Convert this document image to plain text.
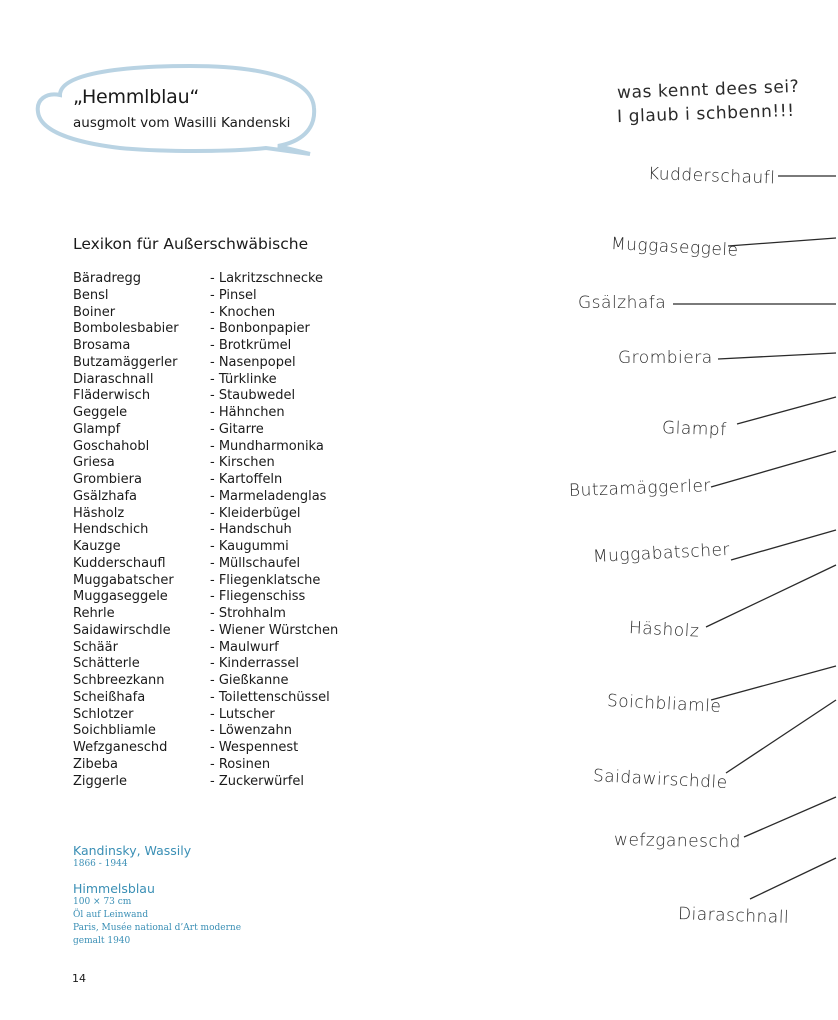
„Hemmlblau“
ausgmolt vom Wasilli Kandenski
Lexikon für Außerschwäbische
Bäradregg	- Lakritzschnecke
Bensl	- Pinsel
Boiner	- Knochen
Bombolesbabier - Bonbonpapier
Brosama	- Brotkrümel
Butzamäggerler	- Nasenpopel
Diaraschnall	- Türklinke
Fläderwisch	- Staubwedel
Geggele	- Hähnchen
Glampf	- Gitarre
Goschahobl	- Mundharmonika
Griesa	- Kirschen
Grombiera	- Kartoffeln
Gsälzhafa	- Marmeladenglas
Häsholz	- Kleiderbügel
Hendschich	- Handschuh
Kauzge	- Kaugummi
Kudderschaufl	- Müllschaufel
Muggabatscher	- Fliegenklatsche
Muggaseggele	- Fliegenschiss
Rehrle	- Strohhalm
Saidawirschdle	- Wiener Würstchen
Schäär	- Maulwurf
Schätterle	- Kinderrassel
Schbreezkann	- Gießkanne
Scheißhafa	- Toilettenschüssel
Schlotzer	- Lutscher
Soichbliamle	- Löwenzahn
Wefzganeschd	- Wespennest
Zibeba	- Rosinen
Ziggerle	- Zuckerwürfel
Kandinsky, Wassily
1866 - 1944
Himmelsblau
100 × 73 cm
Öl auf Leinwand
Paris, Musée national d’Art moderne
gemalt 1940
14
was kennt dees sei?
I glaub i schbenn!!!
Kudderschaufl
Muggaseggele
Gsälzhafa
Grombiera
Glampf
Butzamäggerler
Muggabatscher
Häsholz
Soichbliamle
Saidawirschdle
wefzganeschd
Diaraschnall
